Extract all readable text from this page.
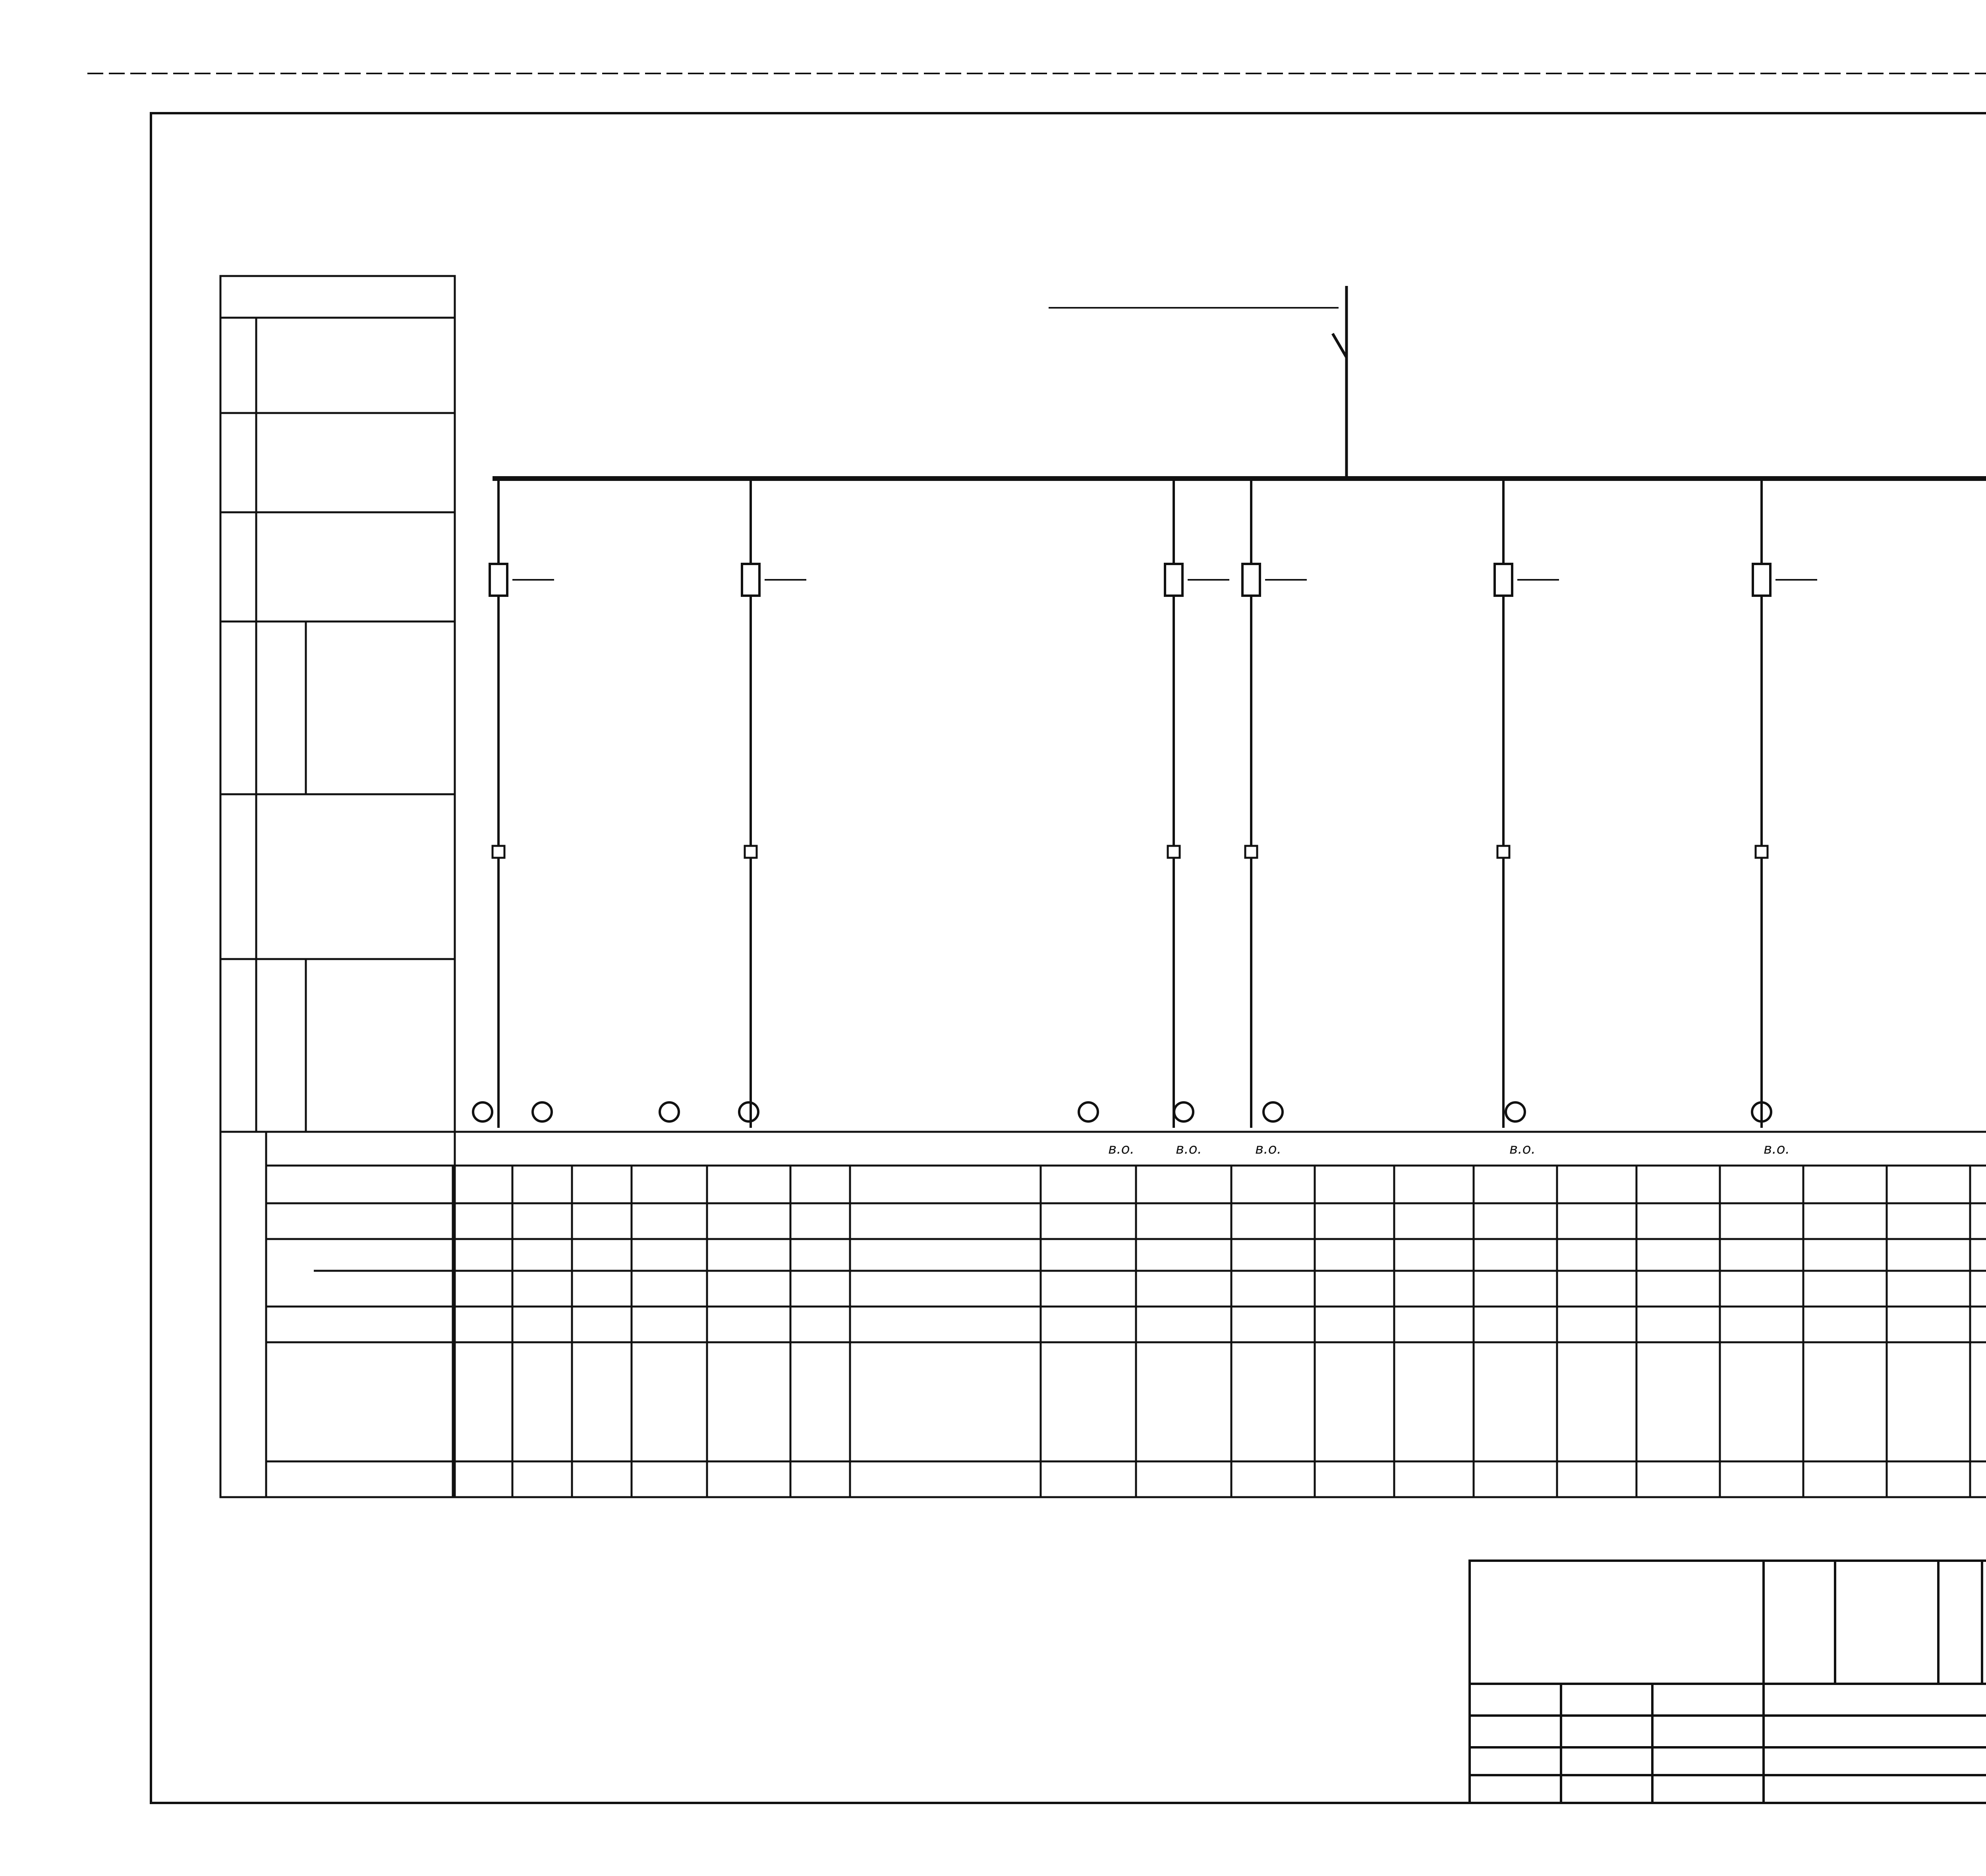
в.о.	в.о.	в.о.	в.о.	в.о.
